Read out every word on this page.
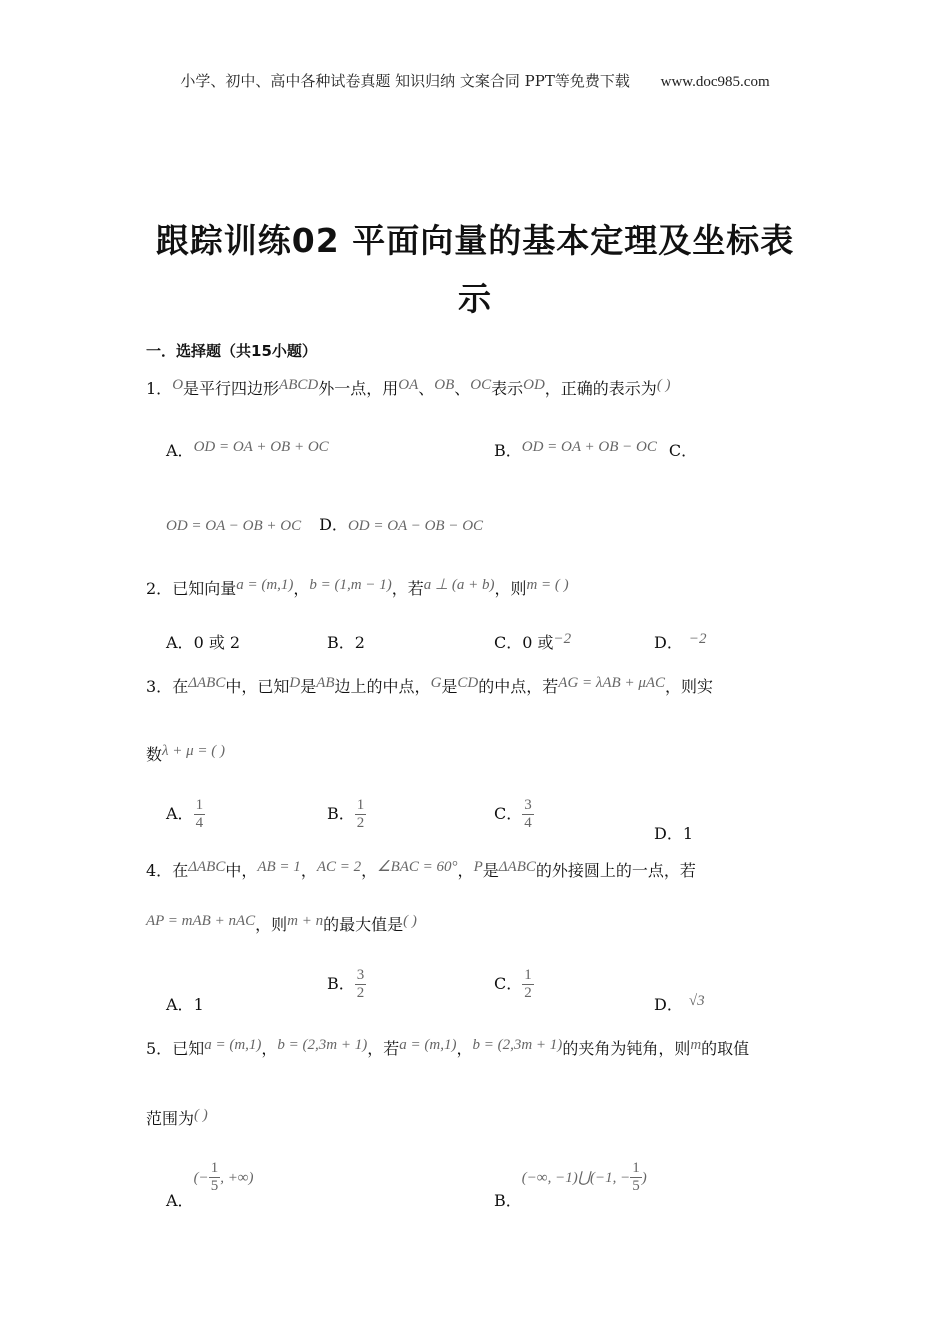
小学、初中、高中各种试卷真题 知识归纳 文案合同 PPT等免费下载 www.doc985.com
跟踪训练02 平面向量的基本定理及坐标表示
一．选择题（共15小题）
1．O是平行四边形ABCD外一点，用OA、OB、OC表示OD，正确的表示为( )
A．OD = OA + OB + OC	B．OD = OA + OB − OC C．
OD = OA − OB + OC D．OD = OA − OB − OC
2．已知向量a = (m,1)，b = (1,m − 1)，若a ⊥ (a + b)，则m = ( )
A．0 或 2	B．2	C．0 或−2	D． −2
3．在ΔABC中，已知D是AB边上的中点，G是CD的中点，若AG = λAB + μAC，则实
数λ + μ = ( )
A． $\frac{1}{4}$	B． $\frac{1}{2}$	C． $\frac{3}{4}$
D．1
4．在ΔABC中，AB = 1，AC = 2，∠BAC = 60°，P是ΔABC的外接圆上的一点，若
AP = mAB + nAC，则m + n的最大值是( )
A．1
B． $\frac{3}{2}$	C． $\frac{1}{2}$
D． √3
5．已知a = (m,1)，b = (2,3m + 1)，若a = (m,1)，b = (2,3m + 1)的夹角为钝角，则m的取值
范围为( )
A．(− $\frac{1}{5}$ , +∞)
B．(−∞, −1)⋃(−1, − $\frac{1}{5}$ )
